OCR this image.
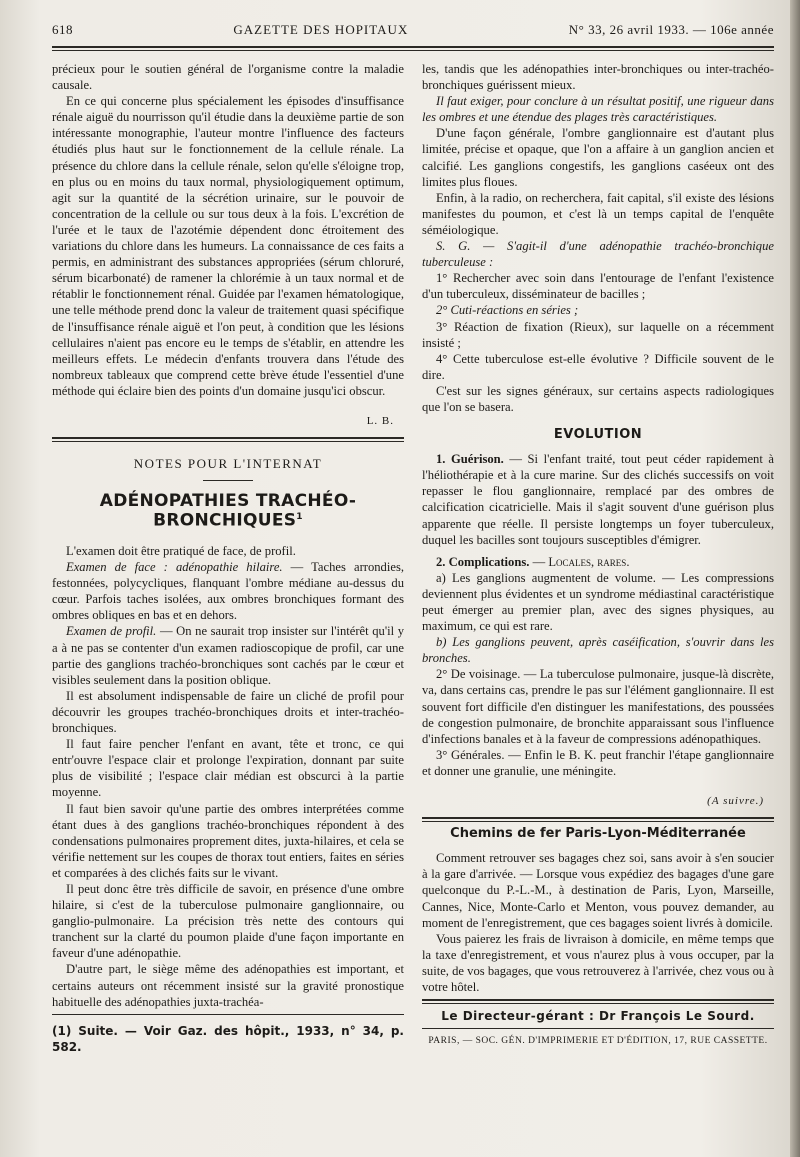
618	GAZETTE DES HOPITAUX	N° 33, 26 avril 1933. — 106e année

précieux pour le soutien général de l'organisme contre la maladie causale.

En ce qui concerne plus spécialement les épisodes d'insuffisance rénale aiguë du nourrisson qu'il étudie dans la deuxième partie de son intéressante monographie, l'auteur montre l'influence des facteurs étudiés plus haut sur le fonctionnement de la cellule rénale. La présence du chlore dans la cellule rénale, selon qu'elle s'éloigne trop, en plus ou en moins du taux normal, physiologiquement optimum, agit sur la quantité de la sécrétion urinaire, sur le pouvoir de concentration de la cellule ou sur tous deux à la fois. L'excrétion de l'urée et le taux de l'azotémie dépendent donc étroitement des variations du chlore dans les humeurs. La connaissance de ces faits a permis, en administrant des substances appropriées (sérum chloruré, sérum bicarbonaté) de ramener la chlorémie à un taux normal et de rétablir le fonctionnement rénal. Guidée par l'examen hématologique, une telle méthode prend donc la valeur de traitement quasi spécifique de l'insuffisance rénale aiguë et l'on peut, à condition que les lésions cellulaires n'aient pas encore eu le temps de s'établir, en attendre les meilleurs effets. Le médecin d'enfants trouvera dans l'étude des nombreux tableaux que comprend cette brève étude l'essentiel d'une méthode qui éclaire bien des points d'un domaine jusqu'ici obscur.

L. B.
NOTES POUR L'INTERNAT
ADÉNOPATHIES TRACHÉO-BRONCHIQUES$^1$

L'examen doit être pratiqué de face, de profil.

Examen de face : adénopathie hilaire. — Taches arrondies, festonnées, polycycliques, flanquant l'ombre médiane au-dessus du cœur. Parfois taches isolées, aux ombres bronchiques formant des ombres obliques en bas et en dehors.

Examen de profil. — On ne saurait trop insister sur l'intérêt qu'il y a à ne pas se contenter d'un examen radioscopique de profil, car une partie des ganglions trachéo-bronchiques sont cachés par le cœur et visibles seulement dans la position oblique.

Il est absolument indispensable de faire un cliché de profil pour découvrir les groupes trachéo-bronchiques droits et inter-trachéo-bronchiques.

Il faut faire pencher l'enfant en avant, tête et tronc, ce qui entr'ouvre l'espace clair et prolonge l'expiration, donnant par suite plus de visibilité ; l'espace clair médian est obscurci à la partie moyenne.

Il faut bien savoir qu'une partie des ombres interprétées comme étant dues à des ganglions trachéo-bronchiques répondent à des condensations pulmonaires proprement dites, juxta-hilaires, et cela se vérifie nettement sur les coupes de thorax tout entiers, faites en séries et comparées à des clichés faits sur le vivant.

Il peut donc être très difficile de savoir, en présence d'une ombre hilaire, si c'est de la tuberculose pulmonaire ganglionnaire, ou ganglio-pulmonaire. La précision très nette des contours qui tranchent sur la clarté du poumon plaide d'une façon importante en faveur d'une adénopathie.

D'autre part, le siège même des adénopathies est important, et certains auteurs ont récemment insisté sur la gravité pronostique habituelle des adénopathies juxta-trachéa-

(1) Suite. — Voir Gaz. des hôpit., 1933, n° 34, p. 582.

les, tandis que les adénopathies inter-bronchiques ou inter-trachéo-bronchiques guérissent mieux.

Il faut exiger, pour conclure à un résultat positif, une rigueur dans les ombres et une étendue des plages très caractéristiques.

D'une façon générale, l'ombre ganglionnaire est d'autant plus limitée, précise et opaque, que l'on a affaire à un ganglion ancien et calcifié. Les ganglions congestifs, les ganglions caséeux ont des limites plus floues.

Enfin, à la radio, on recherchera, fait capital, s'il existe des lésions manifestes du poumon, et c'est là un temps capital de l'enquête séméiologique.

S. G. — S'agit-il d'une adénopathie trachéo-bronchique tuberculeuse :

1° Rechercher avec soin dans l'entourage de l'enfant l'existence d'un tuberculeux, disséminateur de bacilles ;

2° Cuti-réactions en séries ;

3° Réaction de fixation (Rieux), sur laquelle on a récemment insisté ;

4° Cette tuberculose est-elle évolutive ? Difficile souvent de le dire.

C'est sur les signes généraux, sur certains aspects radiologiques que l'on se basera.

EVOLUTION

1. Guérison. — Si l'enfant traité, tout peut céder rapidement à l'héliothérapie et à la cure marine. Sur des clichés successifs on voit repasser le flou ganglionnaire, remplacé par des ombres de calcification cicatricielle. Mais il s'agit souvent d'une guérison plus apparente que réelle. Il persiste longtemps un foyer tuberculeux, duquel les bacilles sont toujours susceptibles d'émigrer.

2. Complications. — Locales, rares.

a) Les ganglions augmentent de volume. — Les compressions deviennent plus évidentes et un syndrome médiastinal caractéristique peut émerger au premier plan, avec des signes physiques, au maximum, ce qui est rare.

b) Les ganglions peuvent, après caséification, s'ouvrir dans les bronches.

2° De voisinage. — La tuberculose pulmonaire, jusque-là discrète, va, dans certains cas, prendre le pas sur l'élément ganglionnaire. Il est souvent fort difficile d'en distinguer les manifestations, des poussées de congestion pulmonaire, de bronchite apparaissant sous l'influence d'infections banales et à la faveur de compressions adénopathiques.

3° Générales. — Enfin le B. K. peut franchir l'étape ganglionnaire et donner une granulie, une méningite.

(A suivre.)
Chemins de fer Paris-Lyon-Méditerranée

Comment retrouver ses bagages chez soi, sans avoir à s'en soucier à la gare d'arrivée. — Lorsque vous expédiez des bagages d'une gare quelconque du P.-L.-M., à destination de Paris, Lyon, Marseille, Cannes, Nice, Monte-Carlo et Menton, vous pouvez demander, au moment de l'enregistrement, que ces bagages soient livrés à domicile.

Vous paierez les frais de livraison à domicile, en même temps que la taxe d'enregistrement, et vous n'aurez plus à vous occuper, par la suite, de vos bagages, que vous retrouverez à l'arrivée, chez vous ou à votre hôtel.

Le Directeur-gérant : Dr François Le Sourd.
PARIS, — SOC. GÉN. D'IMPRIMERIE ET D'ÉDITION, 17, RUE CASSETTE.
